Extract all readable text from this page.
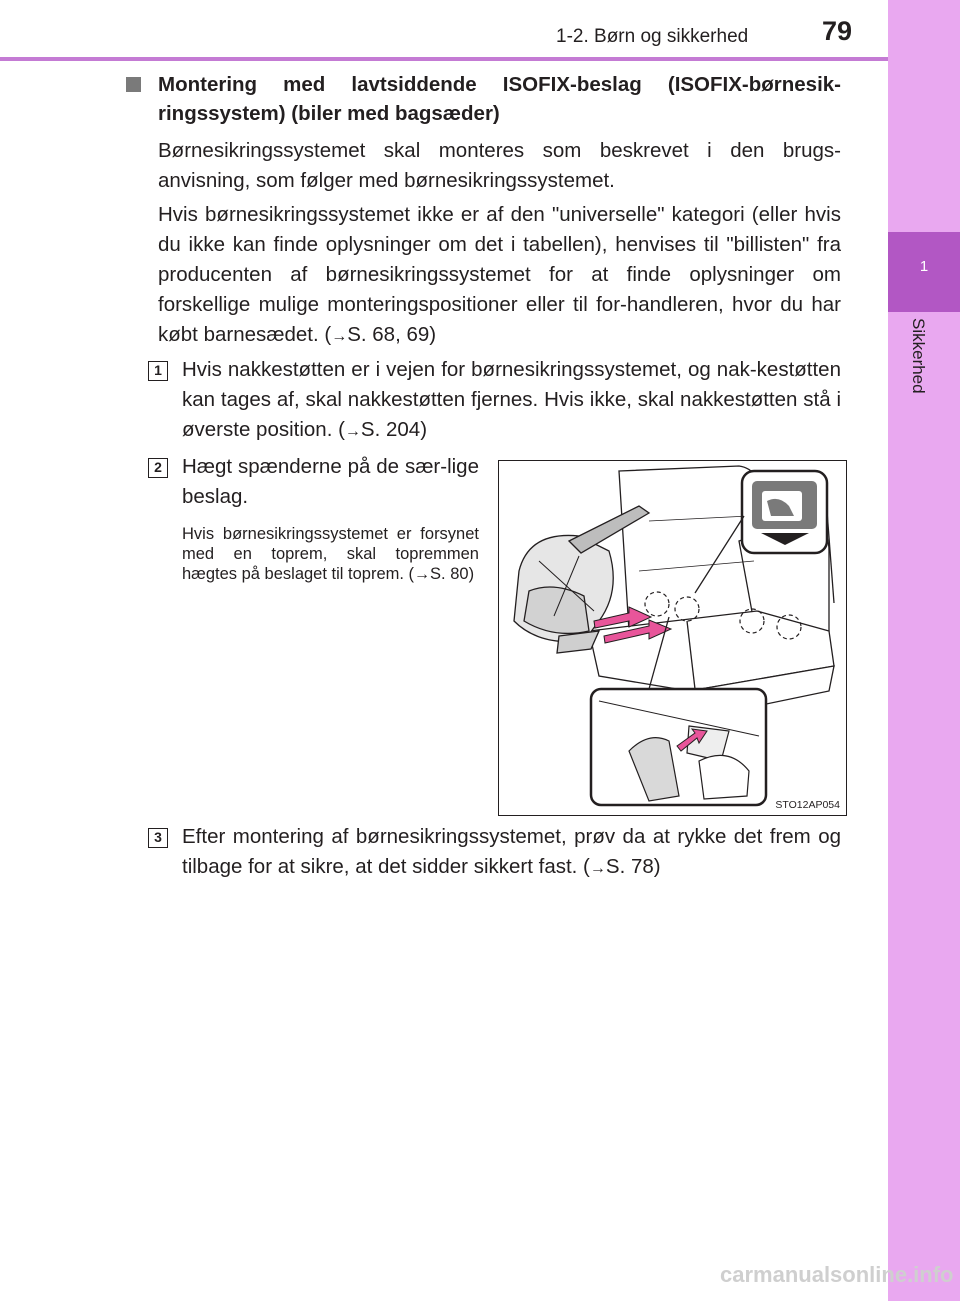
1
Sikkerhed
1-2. Børn og sikkerhed	79
Montering med lavtsiddende ISOFIX-beslag (ISOFIX-børnesik-ringssystem) (biler med bagsæder)
Børnesikringssystemet skal monteres som beskrevet i den brugs-anvisning, som følger med børnesikringssystemet.
Hvis børnesikringssystemet ikke er af den "universelle" kategori (eller hvis du ikke kan finde oplysninger om det i tabellen), henvises til "billisten" fra producenten af børnesikringssystemet for at finde oplysninger om forskellige mulige monteringspositioner eller til for-handleren, hvor du har købt barnesædet. (→S. 68, 69)
1 Hvis nakkestøtten er i vejen for børnesikringssystemet, og nak-kestøtten kan tages af, skal nakkestøtten fjernes. Hvis ikke, skal nakkestøtten stå i øverste position. (→S. 204)
2 Hægt spænderne på de sær-lige beslag.
Hvis børnesikringssystemet er forsynet med en toprem, skal topremmen hægtes på beslaget til toprem. (→S. 80)
STO12AP054
3 Efter montering af børnesikringssystemet, prøv da at rykke det frem og tilbage for at sikre, at det sidder sikkert fast. (→S. 78)
carmanualsonline.info
